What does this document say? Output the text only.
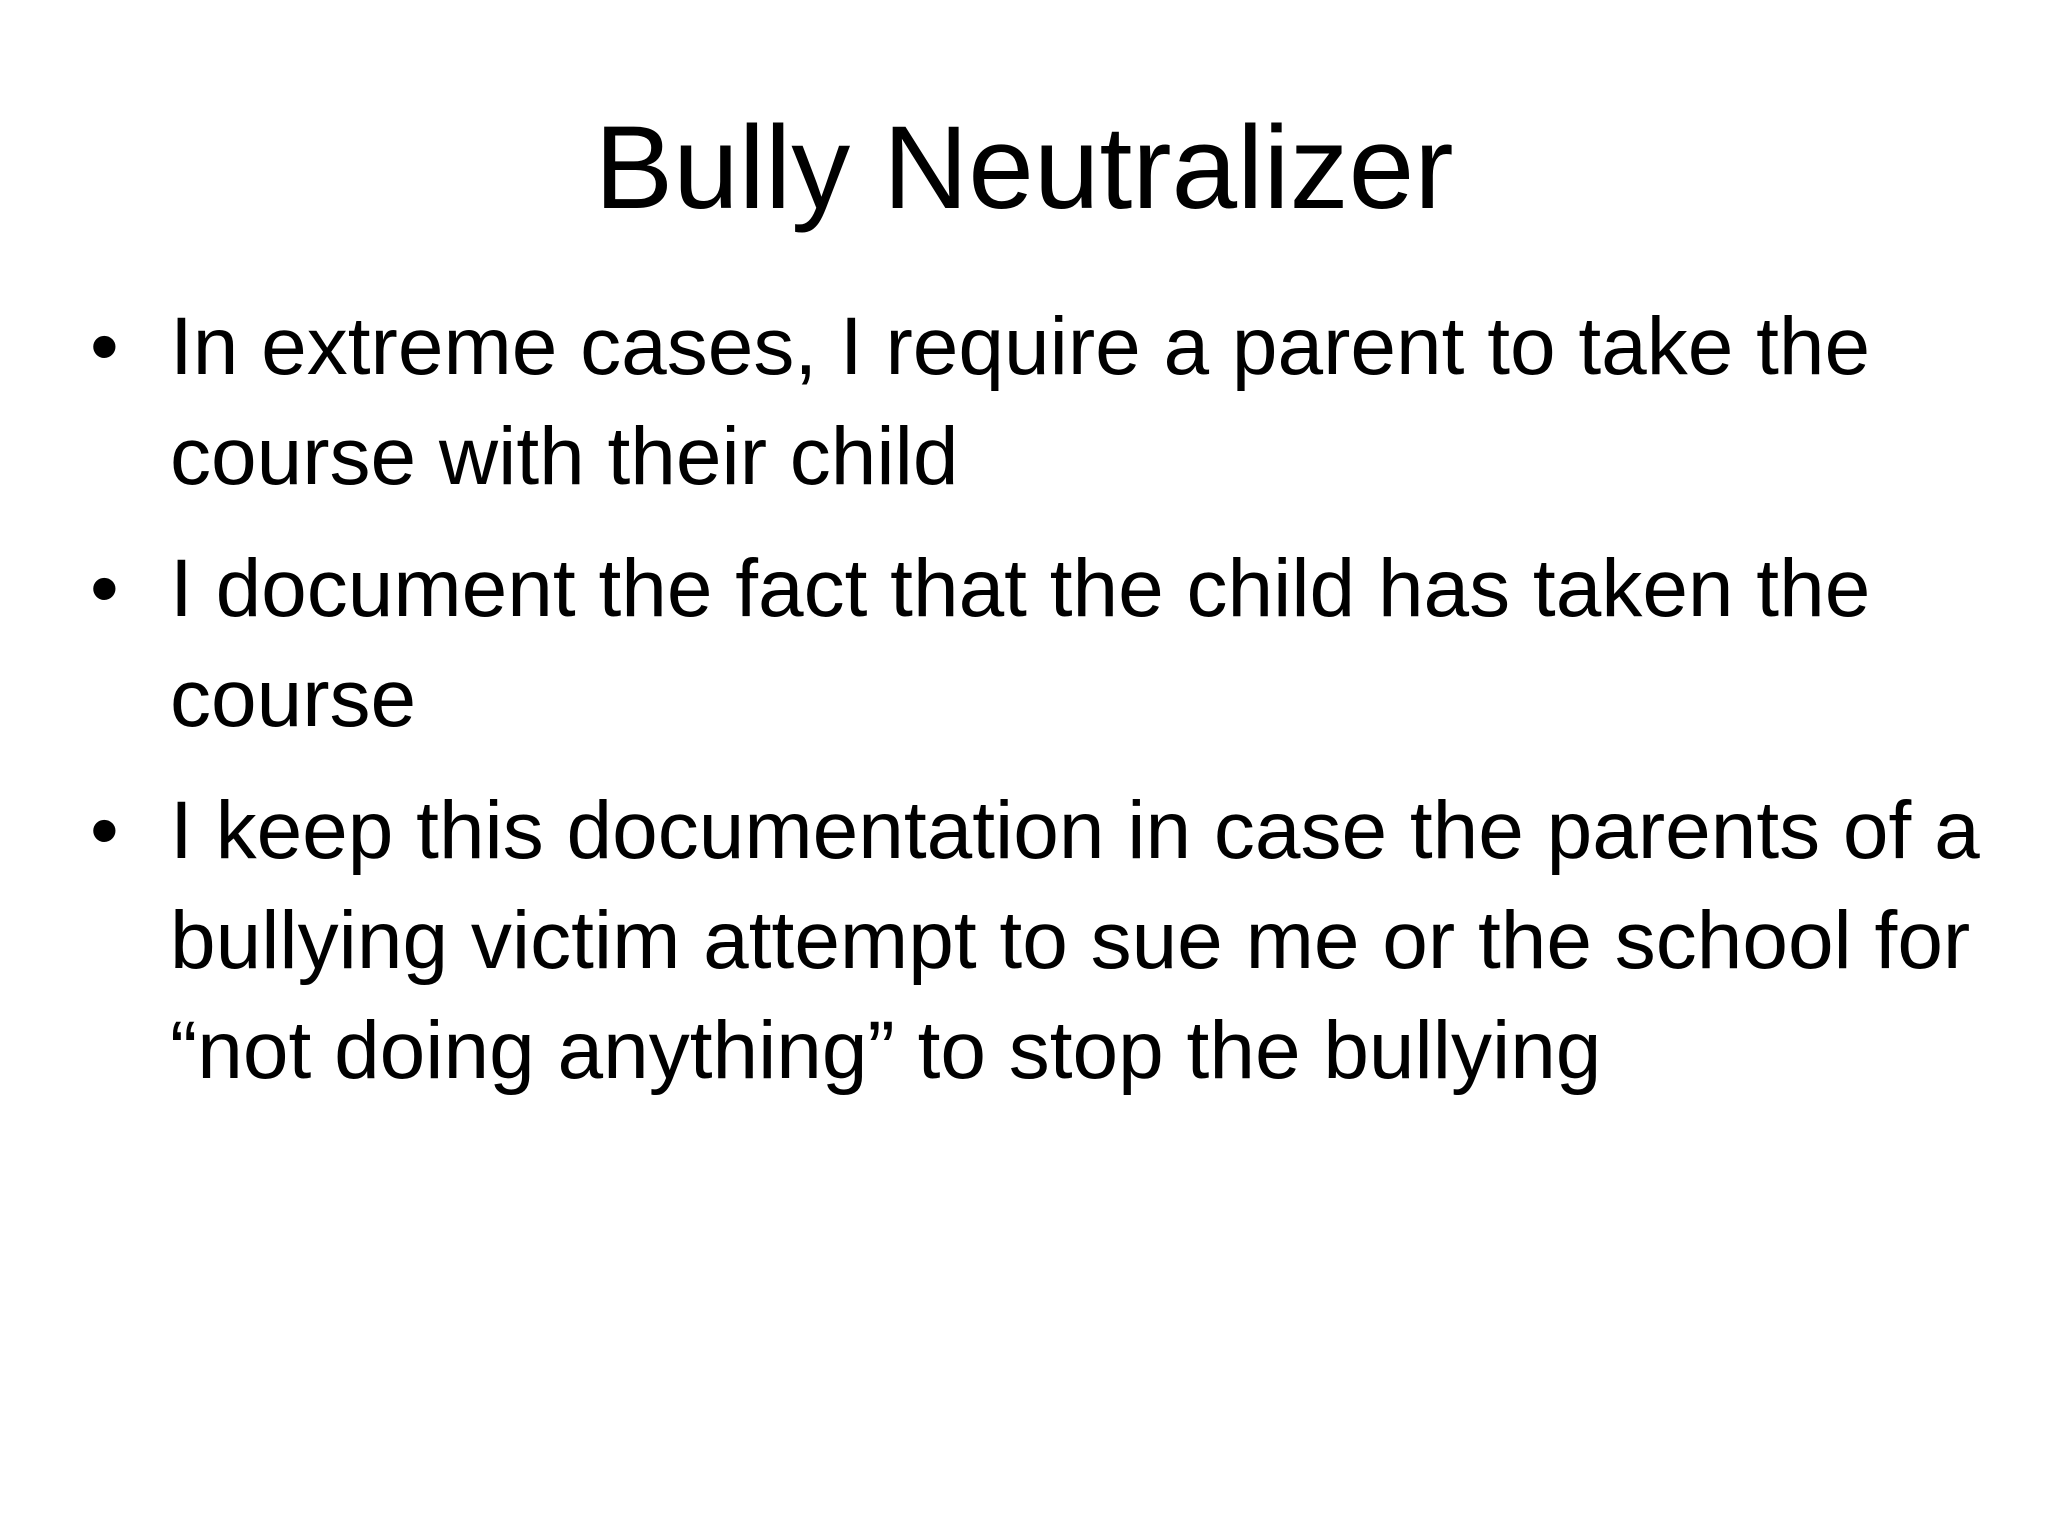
Bully Neutralizer
• In extreme cases, I require a parent to take the course with their child
• I document the fact that the child has taken the course
• I keep this documentation in case the parents of a bullying victim attempt to sue me or the school for “not doing anything” to stop the bullying
